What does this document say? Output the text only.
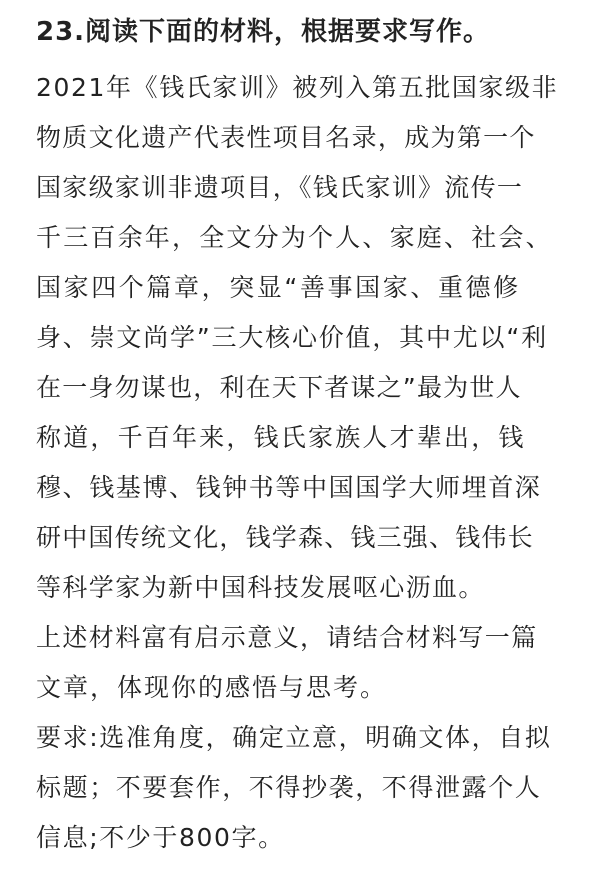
23.阅读下面的材料，根据要求写作。
2021年《钱氏家训》被列入第五批国家级非
物质文化遗产代表性项目名录，成为第一个
国家级家训非遗项目，《钱氏家训》流传一
千三百余年，全文分为个人、家庭、社会、
国家四个篇章，突显“善事国家、重德修
身、崇文尚学”三大核心价值，其中尤以“利
在一身勿谋也，利在天下者谋之”最为世人
称道，千百年来，钱氏家族人才辈出，钱
穆、钱基博、钱钟书等中国国学大师埋首深
研中国传统文化，钱学森、钱三强、钱伟长
等科学家为新中国科技发展呕心沥血。
上述材料富有启示意义，请结合材料写一篇
文章，体现你的感悟与思考。
要求:选准角度，确定立意，明确文体，自拟
标题；不要套作，不得抄袭，不得泄露个人
信息;不少于800字。
